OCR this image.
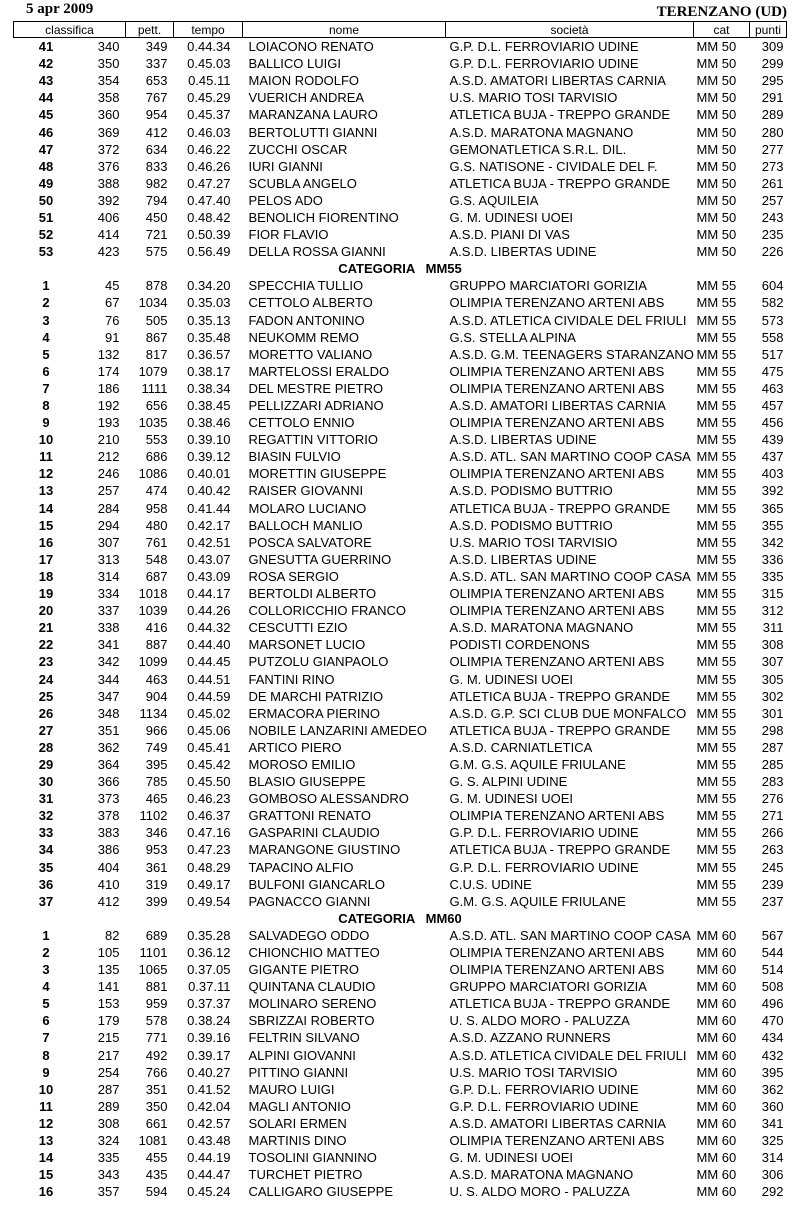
5 apr 2009	TERENZANO (UD)
classifica		pett.	tempo	nome	società	cat	punti
41	340	349	0.44.34	LOIACONO RENATO	G.P. D.L. FERROVIARIO UDINE	MM 50	309
42	350	337	0.45.03	BALLICO LUIGI	G.P. D.L. FERROVIARIO UDINE	MM 50	299
43	354	653	0.45.11	MAION RODOLFO	A.S.D. AMATORI LIBERTAS CARNIA	MM 50	295
44	358	767	0.45.29	VUERICH ANDREA	U.S. MARIO TOSI TARVISIO	MM 50	291
45	360	954	0.45.37	MARANZANA LAURO	ATLETICA BUJA - TREPPO GRANDE	MM 50	289
46	369	412	0.46.03	BERTOLUTTI GIANNI	A.S.D. MARATONA MAGNANO	MM 50	280
47	372	634	0.46.22	ZUCCHI OSCAR	GEMONATLETICA S.R.L. DIL.	MM 50	277
48	376	833	0.46.26	IURI GIANNI	G.S. NATISONE - CIVIDALE DEL F.	MM 50	273
49	388	982	0.47.27	SCUBLA ANGELO	ATLETICA BUJA - TREPPO GRANDE	MM 50	261
50	392	794	0.47.40	PELOS ADO	G.S. AQUILEIA	MM 50	257
51	406	450	0.48.42	BENOLICH FIORENTINO	G. M. UDINESI UOEI	MM 50	243
52	414	721	0.50.39	FIOR FLAVIO	A.S.D. PIANI DI VAS	MM 50	235
53	423	575	0.56.49	DELLA ROSSA GIANNI	A.S.D. LIBERTAS UDINE	MM 50	226
CATEGORIA   MM55							
1	45	878	0.34.20	SPECCHIA TULLIO	GRUPPO MARCIATORI GORIZIA	MM 55	604
2	67	1034	0.35.03	CETTOLO ALBERTO	OLIMPIA TERENZANO ARTENI ABS	MM 55	582
3	76	505	0.35.13	FADON ANTONINO	A.S.D. ATLETICA CIVIDALE DEL FRIULI	MM 55	573
4	91	867	0.35.48	NEUKOMM REMO	G.S. STELLA ALPINA	MM 55	558
5	132	817	0.36.57	MORETTO VALIANO	A.S.D. G.M. TEENAGERS STARANZANO	MM 55	517
6	174	1079	0.38.17	MARTELOSSI ERALDO	OLIMPIA TERENZANO ARTENI ABS	MM 55	475
7	186	1111	0.38.34	DEL MESTRE PIETRO	OLIMPIA TERENZANO ARTENI ABS	MM 55	463
8	192	656	0.38.45	PELLIZZARI ADRIANO	A.S.D. AMATORI LIBERTAS CARNIA	MM 55	457
9	193	1035	0.38.46	CETTOLO ENNIO	OLIMPIA TERENZANO ARTENI ABS	MM 55	456
10	210	553	0.39.10	REGATTIN VITTORIO	A.S.D. LIBERTAS UDINE	MM 55	439
11	212	686	0.39.12	BIASIN FULVIO	A.S.D. ATL. SAN MARTINO COOP CASA	MM 55	437
12	246	1086	0.40.01	MORETTIN GIUSEPPE	OLIMPIA TERENZANO ARTENI ABS	MM 55	403
13	257	474	0.40.42	RAISER GIOVANNI	A.S.D. PODISMO BUTTRIO	MM 55	392
14	284	958	0.41.44	MOLARO LUCIANO	ATLETICA BUJA - TREPPO GRANDE	MM 55	365
15	294	480	0.42.17	BALLOCH MANLIO	A.S.D. PODISMO BUTTRIO	MM 55	355
16	307	761	0.42.51	POSCA SALVATORE	U.S. MARIO TOSI TARVISIO	MM 55	342
17	313	548	0.43.07	GNESUTTA GUERRINO	A.S.D. LIBERTAS UDINE	MM 55	336
18	314	687	0.43.09	ROSA SERGIO	A.S.D. ATL. SAN MARTINO COOP CASA	MM 55	335
19	334	1018	0.44.17	BERTOLDI ALBERTO	OLIMPIA TERENZANO ARTENI ABS	MM 55	315
20	337	1039	0.44.26	COLLORICCHIO FRANCO	OLIMPIA TERENZANO ARTENI ABS	MM 55	312
21	338	416	0.44.32	CESCUTTI EZIO	A.S.D. MARATONA MAGNANO	MM 55	311
22	341	887	0.44.40	MARSONET LUCIO	PODISTI CORDENONS	MM 55	308
23	342	1099	0.44.45	PUTZOLU GIANPAOLO	OLIMPIA TERENZANO ARTENI ABS	MM 55	307
24	344	463	0.44.51	FANTINI RINO	G. M. UDINESI UOEI	MM 55	305
25	347	904	0.44.59	DE MARCHI PATRIZIO	ATLETICA BUJA - TREPPO GRANDE	MM 55	302
26	348	1134	0.45.02	ERMACORA PIERINO	A.S.D. G.P. SCI CLUB DUE MONFALCO	MM 55	301
27	351	966	0.45.06	NOBILE LANZARINI AMEDEO	ATLETICA BUJA - TREPPO GRANDE	MM 55	298
28	362	749	0.45.41	ARTICO PIERO	A.S.D. CARNIATLETICA	MM 55	287
29	364	395	0.45.42	MOROSO EMILIO	G.M. G.S. AQUILE FRIULANE	MM 55	285
30	366	785	0.45.50	BLASIO GIUSEPPE	G. S. ALPINI UDINE	MM 55	283
31	373	465	0.46.23	GOMBOSO ALESSANDRO	G. M. UDINESI UOEI	MM 55	276
32	378	1102	0.46.37	GRATTONI RENATO	OLIMPIA TERENZANO ARTENI ABS	MM 55	271
33	383	346	0.47.16	GASPARINI CLAUDIO	G.P. D.L. FERROVIARIO UDINE	MM 55	266
34	386	953	0.47.23	MARANGONE GIUSTINO	ATLETICA BUJA - TREPPO GRANDE	MM 55	263
35	404	361	0.48.29	TAPACINO ALFIO	G.P. D.L. FERROVIARIO UDINE	MM 55	245
36	410	319	0.49.17	BULFONI GIANCARLO	C.U.S. UDINE	MM 55	239
37	412	399	0.49.54	PAGNACCO GIANNI	G.M. G.S. AQUILE FRIULANE	MM 55	237
CATEGORIA   MM60							
1	82	689	0.35.28	SALVADEGO ODDO	A.S.D. ATL. SAN MARTINO COOP CASA	MM 60	567
2	105	1101	0.36.12	CHIONCHIO MATTEO	OLIMPIA TERENZANO ARTENI ABS	MM 60	544
3	135	1065	0.37.05	GIGANTE PIETRO	OLIMPIA TERENZANO ARTENI ABS	MM 60	514
4	141	881	0.37.11	QUINTANA CLAUDIO	GRUPPO MARCIATORI GORIZIA	MM 60	508
5	153	959	0.37.37	MOLINARO SERENO	ATLETICA BUJA - TREPPO GRANDE	MM 60	496
6	179	578	0.38.24	SBRIZZAI ROBERTO	U. S. ALDO MORO - PALUZZA	MM 60	470
7	215	771	0.39.16	FELTRIN SILVANO	A.S.D. AZZANO RUNNERS	MM 60	434
8	217	492	0.39.17	ALPINI GIOVANNI	A.S.D. ATLETICA CIVIDALE DEL FRIULI	MM 60	432
9	254	766	0.40.27	PITTINO GIANNI	U.S. MARIO TOSI TARVISIO	MM 60	395
10	287	351	0.41.52	MAURO LUIGI	G.P. D.L. FERROVIARIO UDINE	MM 60	362
11	289	350	0.42.04	MAGLI ANTONIO	G.P. D.L. FERROVIARIO UDINE	MM 60	360
12	308	661	0.42.57	SOLARI ERMEN	A.S.D. AMATORI LIBERTAS CARNIA	MM 60	341
13	324	1081	0.43.48	MARTINIS DINO	OLIMPIA TERENZANO ARTENI ABS	MM 60	325
14	335	455	0.44.19	TOSOLINI GIANNINO	G. M. UDINESI UOEI	MM 60	314
15	343	435	0.44.47	TURCHET PIETRO	A.S.D. MARATONA MAGNANO	MM 60	306
16	357	594	0.45.24	CALLIGARO GIUSEPPE	U. S. ALDO MORO - PALUZZA	MM 60	292
